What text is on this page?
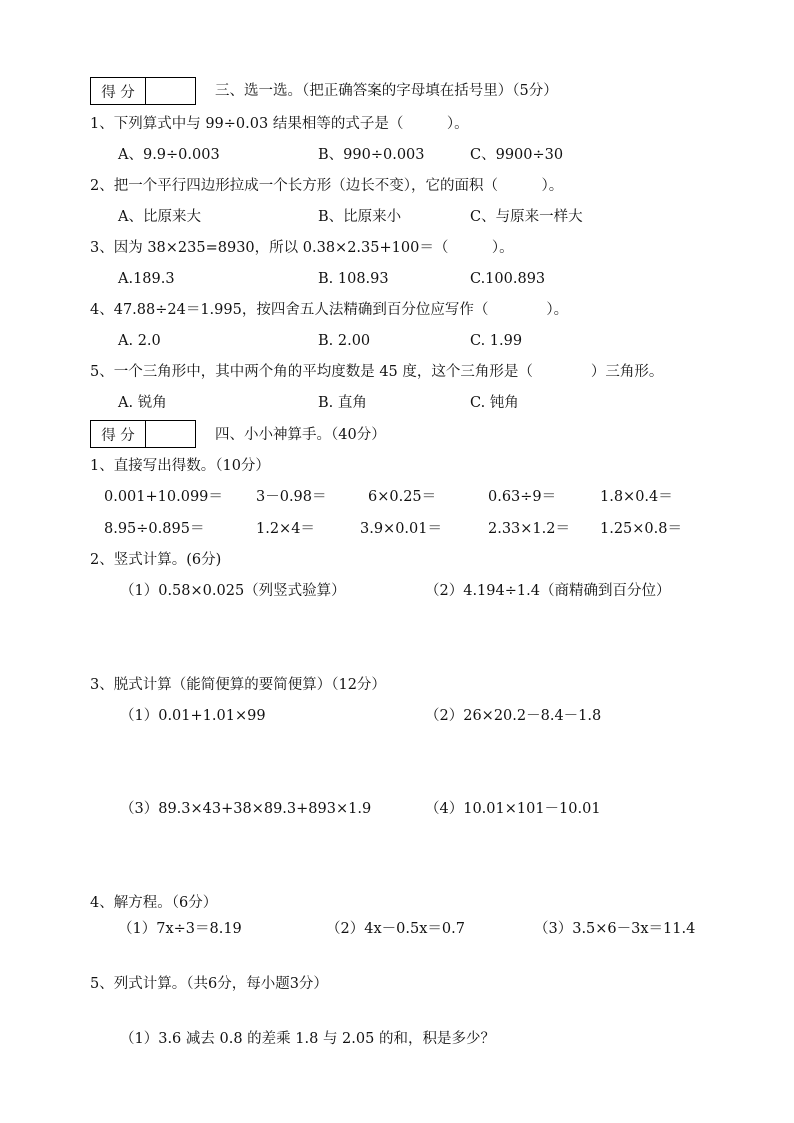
得 分	三、选一选。（把正确答案的字母填在括号里）（5分）
1、下列算式中与 99÷0.03 结果相等的式子是（　　　）。
A、9.9÷0.003	B、990÷0.003	C、9900÷30
2、把一个平行四边形拉成一个长方形（边长不变），它的面积（　　　）。
A、比原来大	B、比原来小	C、与原来一样大
3、因为 38×235=8930，所以 0.38×2.35+100＝（　　　）。
A.189.3	B. 108.93	C.100.893
4、47.88÷24＝1.995，按四舍五人法精确到百分位应写作（　　　　）。
A. 2.0	B. 2.00	C. 1.99
5、一个三角形中，其中两个角的平均度数是 45 度，这个三角形是（　　　　）三角形。
A. 锐角	B. 直角	C. 钝角
得 分	四、小小神算手。（40分）
1、直接写出得数。（10分）
0.001+10.099＝ 3－0.98＝	6×0.25＝	0.63÷9＝	1.8×0.4＝
8.95÷0.895＝	1.2×4＝	3.9×0.01＝	2.33×1.2＝ 1.25×0.8＝
2、竖式计算。(6分)
（1）0.58×0.025（列竖式验算）	（2）4.194÷1.4（商精确到百分位）
3、脱式计算（能简便算的要简便算）（12分）
（1）0.01+1.01×99	（2）26×20.2－8.4－1.8
（3）89.3×43+38×89.3+893×1.9	（4）10.01×101－10.01
4、解方程。（6分）
（1）7x÷3＝8.19	（2）4x－0.5x＝0.7	（3）3.5×6－3x＝11.4
5、列式计算。（共6分，每小题3分）
（1）3.6 减去 0.8 的差乘 1.8 与 2.05 的和，积是多少？
